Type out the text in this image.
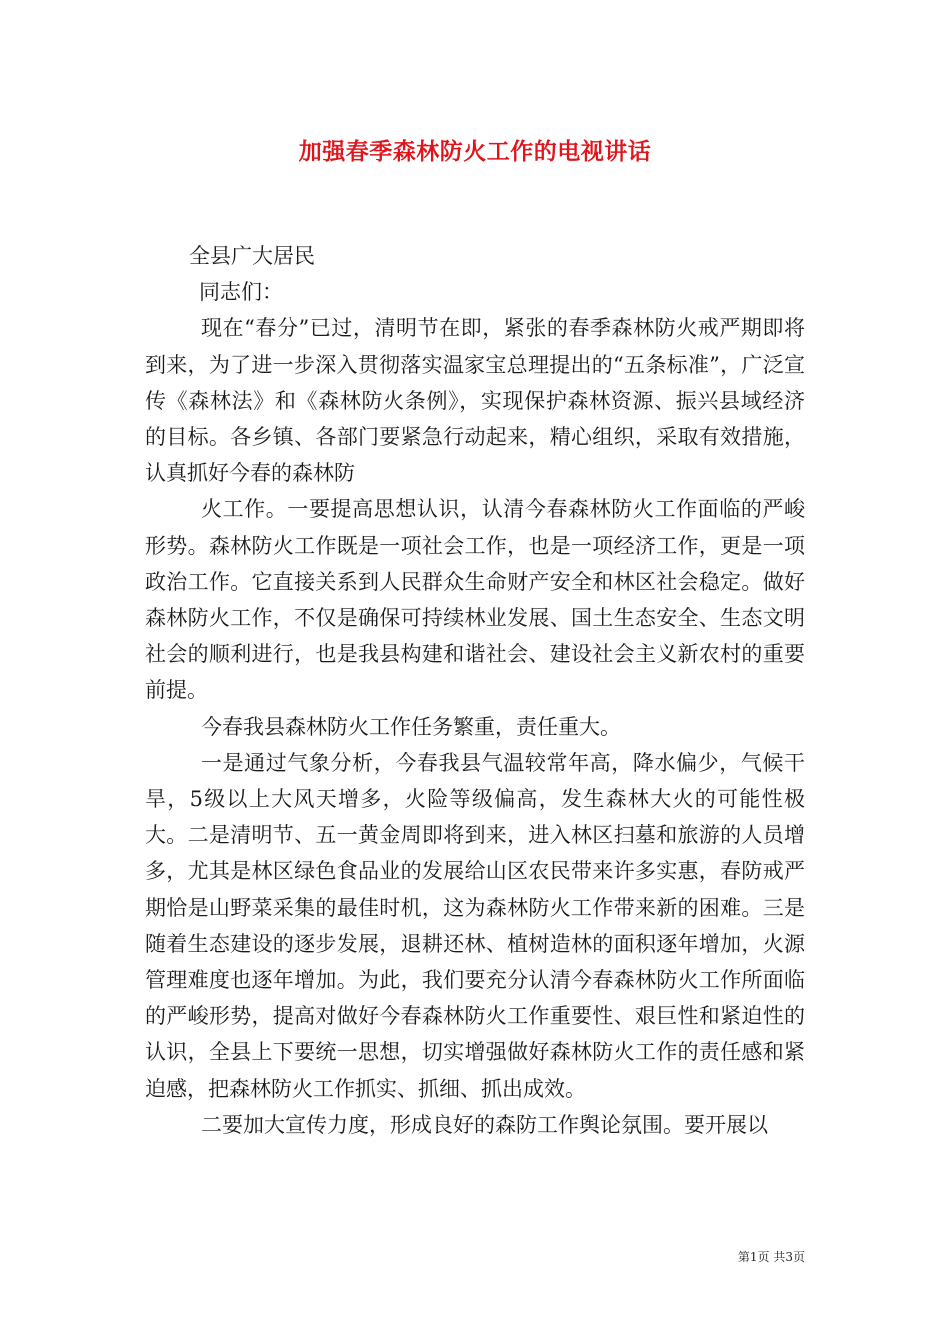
加强春季森林防火工作的电视讲话

全县广大居民

同志们：

现在“春分”已过，清明节在即，紧张的春季森林防火戒严期即将到来，为了进一步深入贯彻落实温家宝总理提出的“五条标准”，广泛宣传《森林法》和《森林防火条例》，实现保护森林资源、振兴县域经济的目标。各乡镇、各部门要紧急行动起来，精心组织，采取有效措施，认真抓好今春的森林防

火工作。一要提高思想认识，认清今春森林防火工作面临的严峻形势。森林防火工作既是一项社会工作，也是一项经济工作，更是一项政治工作。它直接关系到人民群众生命财产安全和林区社会稳定。做好森林防火工作，不仅是确保可持续林业发展、国土生态安全、生态文明社会的顺利进行，也是我县构建和谐社会、建设社会主义新农村的重要前提。

今春我县森林防火工作任务繁重，责任重大。

一是通过气象分析，今春我县气温较常年高，降水偏少，气候干旱，5级以上大风天增多，火险等级偏高，发生森林大火的可能性极大。二是清明节、五一黄金周即将到来，进入林区扫墓和旅游的人员增多，尤其是林区绿色食品业的发展给山区农民带来许多实惠，春防戒严期恰是山野菜采集的最佳时机，这为森林防火工作带来新的困难。三是随着生态建设的逐步发展，退耕还林、植树造林的面积逐年增加，火源管理难度也逐年增加。为此，我们要充分认清今春森林防火工作所面临的严峻形势，提高对做好今春森林防火工作重要性、艰巨性和紧迫性的认识，全县上下要统一思想，切实增强做好森林防火工作的责任感和紧迫感，把森林防火工作抓实、抓细、抓出成效。

二要加大宣传力度，形成良好的森防工作舆论氛围。要开展以

第1页 共3页
